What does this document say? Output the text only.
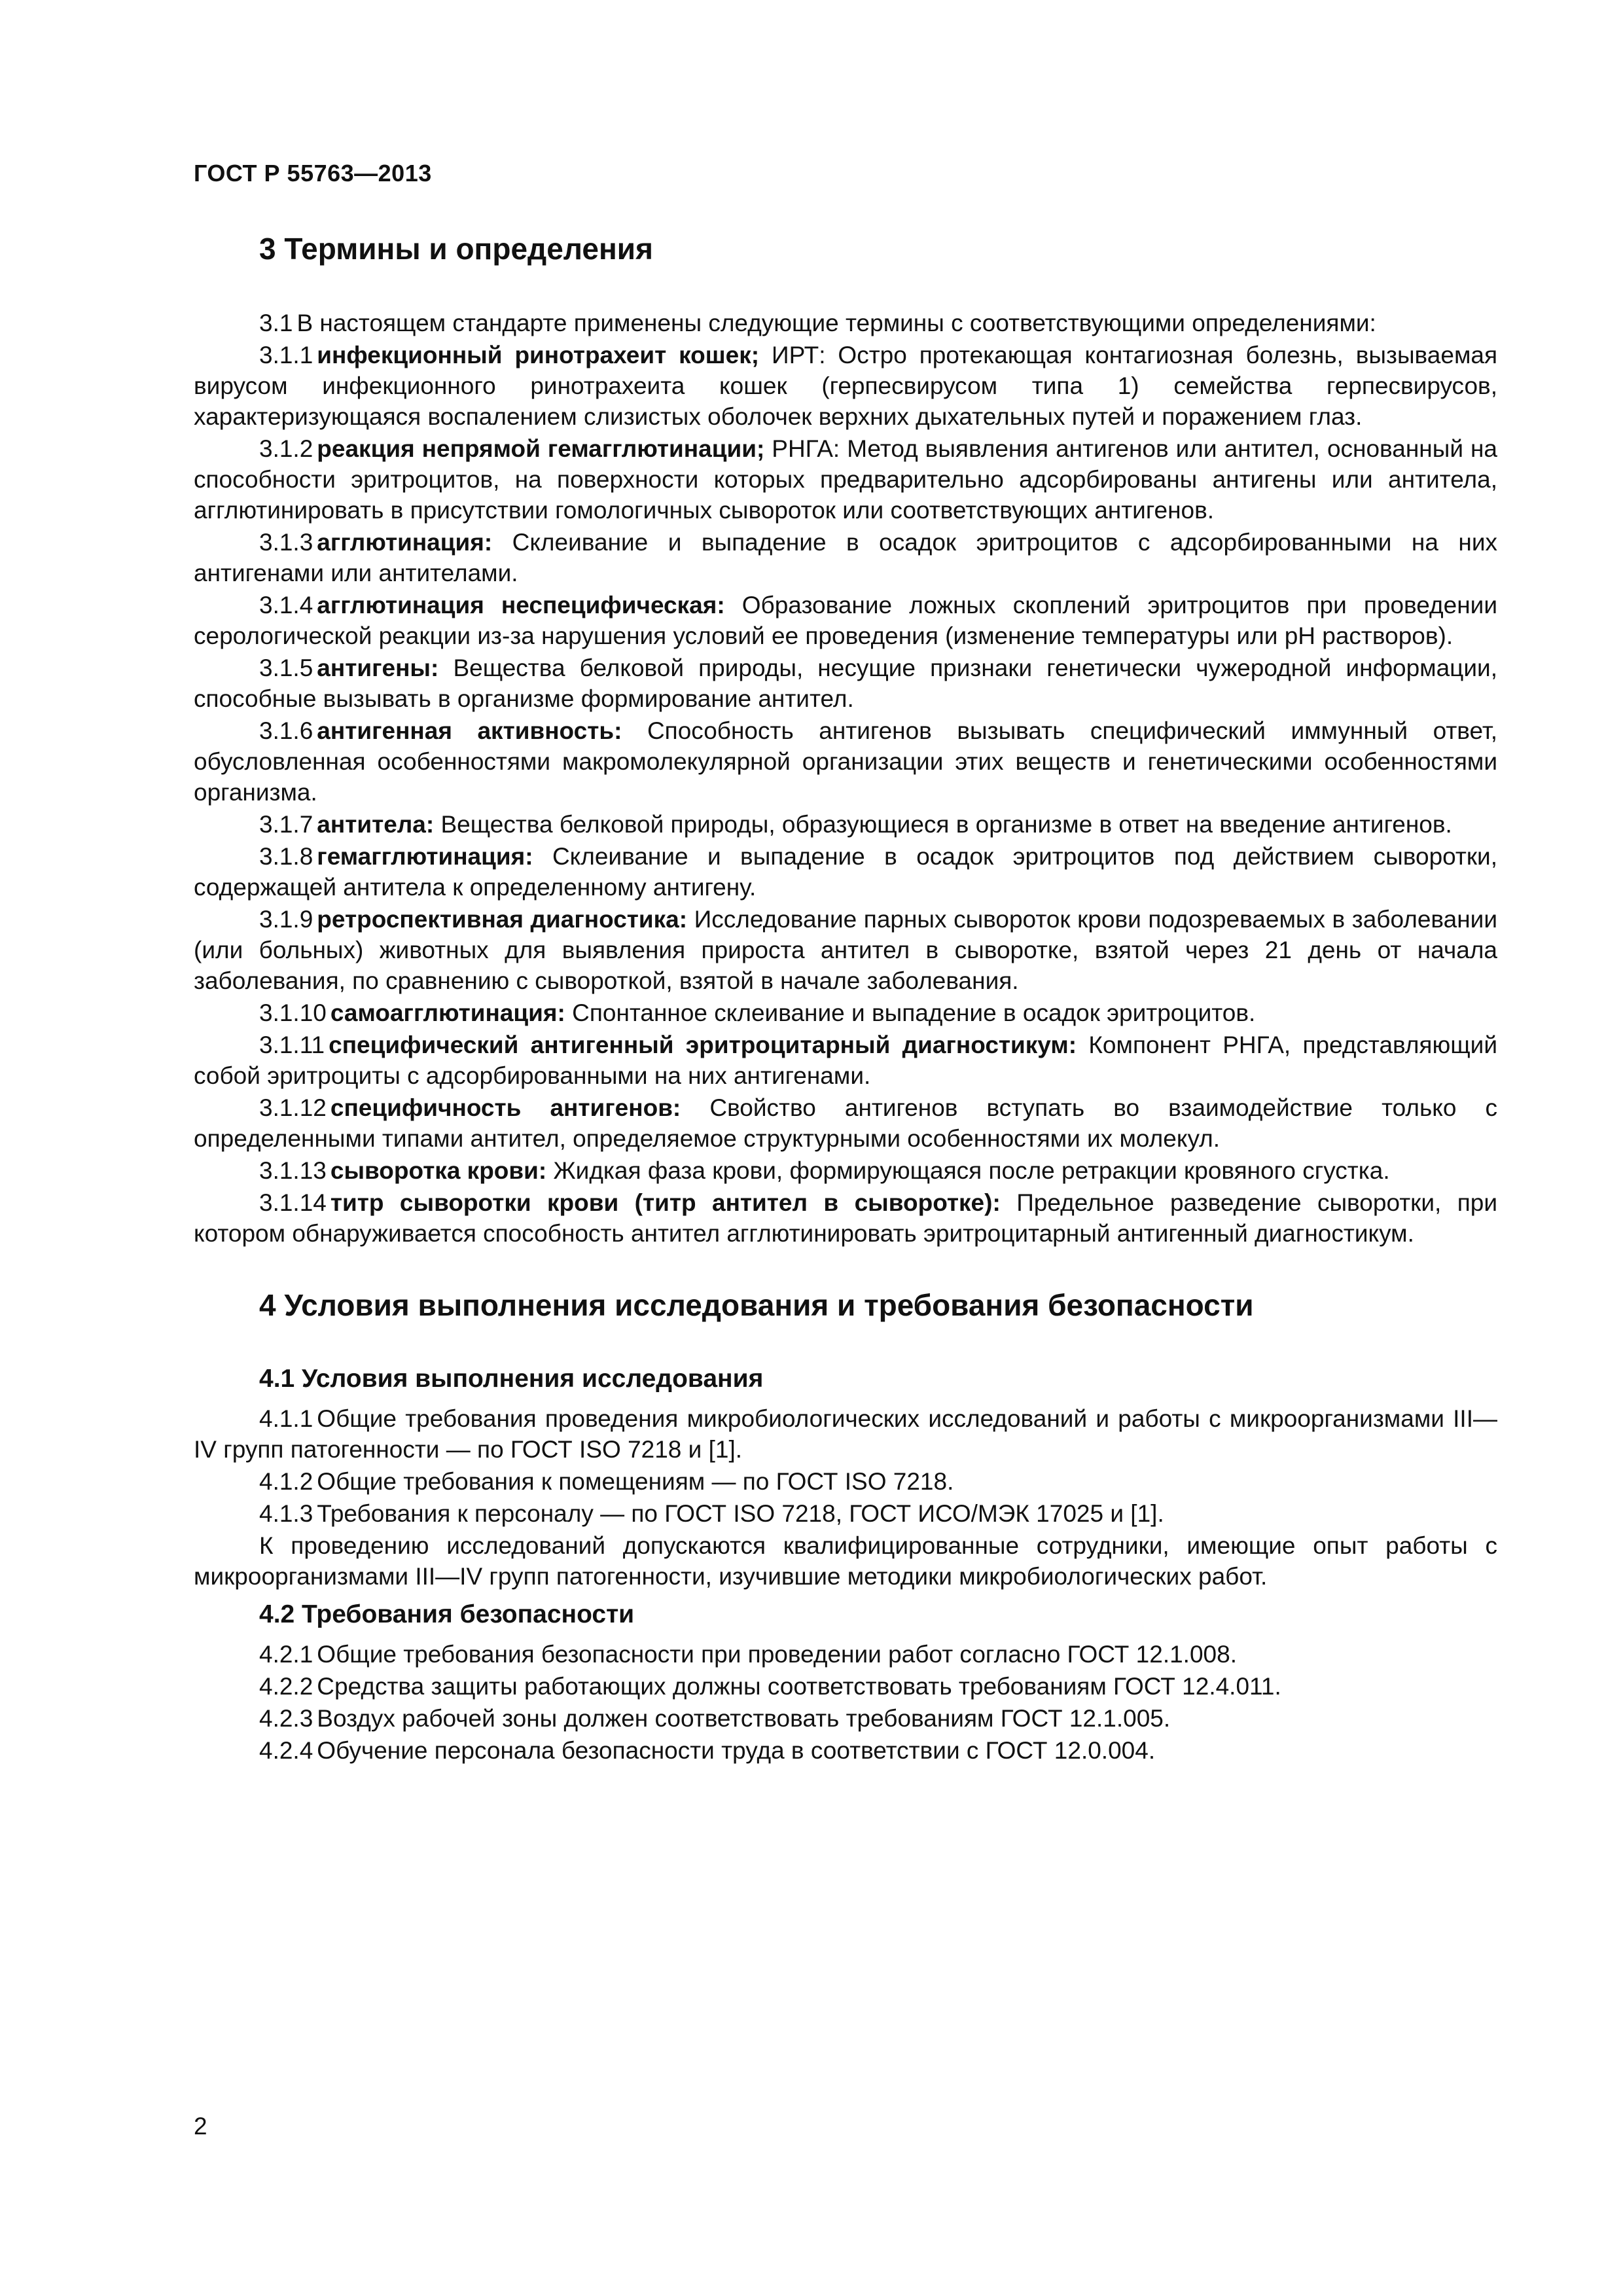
ГОСТ Р 55763—2013
3 Термины и определения

3.1 В настоящем стандарте применены следующие термины с соответствующими определениями:

3.1.1 инфекционный ринотрахеит кошек; ИРТ: Остро протекающая контагиозная болезнь, вызываемая вирусом инфекционного ринотрахеита кошек (герпесвирусом типа 1) семейства герпесвирусов, характеризующаяся воспалением слизистых оболочек верхних дыхательных путей и поражением глаз.

3.1.2 реакция непрямой гемагглютинации; РНГА: Метод выявления антигенов или антител, основанный на способности эритроцитов, на поверхности которых предварительно адсорбированы антигены или антитела, агглютинировать в присутствии гомологичных сывороток или соответствующих антигенов.

3.1.3 агглютинация: Склеивание и выпадение в осадок эритроцитов с адсорбированными на них антигенами или антителами.

3.1.4 агглютинация неспецифическая: Образование ложных скоплений эритроцитов при проведении серологической реакции из-за нарушения условий ее проведения (изменение температуры или рН растворов).

3.1.5 антигены: Вещества белковой природы, несущие признаки генетически чужеродной информации, способные вызывать в организме формирование антител.

3.1.6 антигенная активность: Способность антигенов вызывать специфический иммунный ответ, обусловленная особенностями макромолекулярной организации этих веществ и генетическими особенностями организма.

3.1.7 антитела: Вещества белковой природы, образующиеся в организме в ответ на введение антигенов.

3.1.8 гемагглютинация: Склеивание и выпадение в осадок эритроцитов под действием сыворотки, содержащей антитела к определенному антигену.

3.1.9 ретроспективная диагностика: Исследование парных сывороток крови подозреваемых в заболевании (или больных) животных для выявления прироста антител в сыворотке, взятой через 21 день от начала заболевания, по сравнению с сывороткой, взятой в начале заболевания.

3.1.10 самоагглютинация: Спонтанное склеивание и выпадение в осадок эритроцитов.

3.1.11 специфический антигенный эритроцитарный диагностикум: Компонент РНГА, представляющий собой эритроциты с адсорбированными на них антигенами.

3.1.12 специфичность антигенов: Свойство антигенов вступать во взаимодействие только с определенными типами антител, определяемое структурными особенностями их молекул.

3.1.13 сыворотка крови: Жидкая фаза крови, формирующаяся после ретракции кровяного сгустка.

3.1.14 титр сыворотки крови (титр антител в сыворотке): Предельное разведение сыворотки, при котором обнаруживается способность антител агглютинировать эритроцитарный антигенный диагностикум.

4 Условия выполнения исследования и требования безопасности
4.1 Условия выполнения исследования

4.1.1 Общие требования проведения микробиологических исследований и работы с микроорганизмами III—IV групп патогенности — по ГОСТ ISO 7218 и [1].

4.1.2 Общие требования к помещениям — по ГОСТ ISO 7218.

4.1.3 Требования к персоналу — по ГОСТ ISO 7218, ГОСТ ИСО/МЭК 17025 и [1].

К проведению исследований допускаются квалифицированные сотрудники, имеющие опыт работы с микроорганизмами III—IV групп патогенности, изучившие методики микробиологических работ.

4.2 Требования безопасности

4.2.1 Общие требования безопасности при проведении работ согласно ГОСТ 12.1.008.

4.2.2 Средства защиты работающих должны соответствовать требованиям ГОСТ 12.4.011.

4.2.3 Воздух рабочей зоны должен соответствовать требованиям ГОСТ 12.1.005.

4.2.4 Обучение персонала безопасности труда в соответствии с ГОСТ 12.0.004.

2
